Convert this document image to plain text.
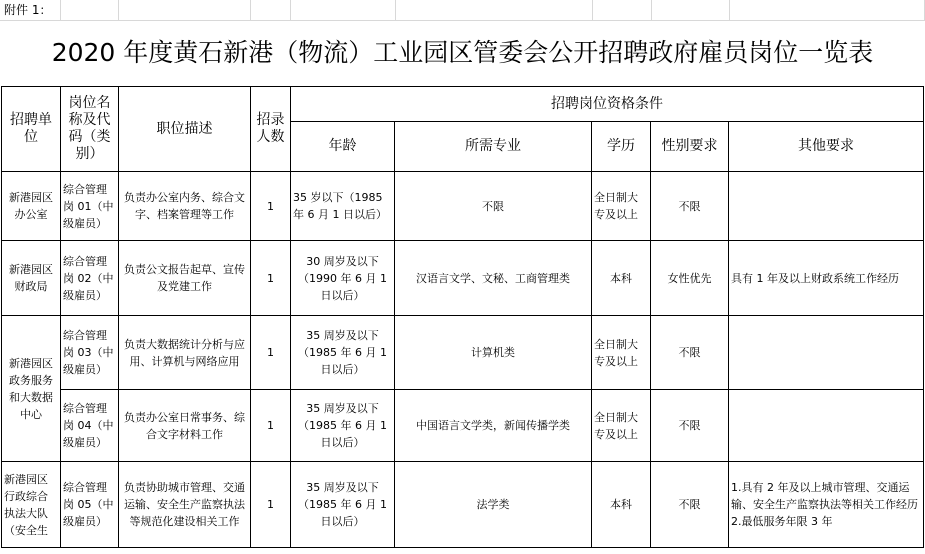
附件 1：
2020 年度黄石新港（物流）工业园区管委会公开招聘政府雇员岗位一览表
招聘单位	岗位名称及代码（类别）	职位描述	招录人数	招聘岗位资格条件				
				年龄	所需专业	学历	性别要求	其他要求
新港园区办公室	综合管理岗 01（中级雇员）	负责办公室内务、综合文字、档案管理等工作	1	35 岁以下（1985 年 6 月 1 日以后）	不限	全日制大专及以上	不限	
新港园区财政局	综合管理岗 02（中级雇员）	负责公文报告起草、宣传及党建工作	1	30 周岁及以下（1990 年 6 月 1 日以后）	汉语言文学、文秘、工商管理类	本科	女性优先	具有 1 年及以上财政系统工作经历
新港园区政务服务和大数据中心	综合管理岗 03（中级雇员）	负责大数据统计分析与应用、计算机与网络应用	1	35 周岁及以下（1985 年 6 月 1 日以后）	计算机类	全日制大专及以上	不限	
	综合管理岗 04（中级雇员）	负责办公室日常事务、综合文字材料工作	1	35 周岁及以下（1985 年 6 月 1 日以后）	中国语言文学类，新闻传播学类	全日制大专及以上	不限	
新港园区行政综合执法大队（安全生	综合管理岗 05（中级雇员）	负责协助城市管理、交通运输、安全生产监察执法等规范化建设相关工作	1	35 周岁及以下（1985 年 6 月 1 日以后）	法学类	本科	不限	1.具有 2 年及以上城市管理、交通运输、安全生产监察执法等相关工作经历 2.最低服务年限 3 年
